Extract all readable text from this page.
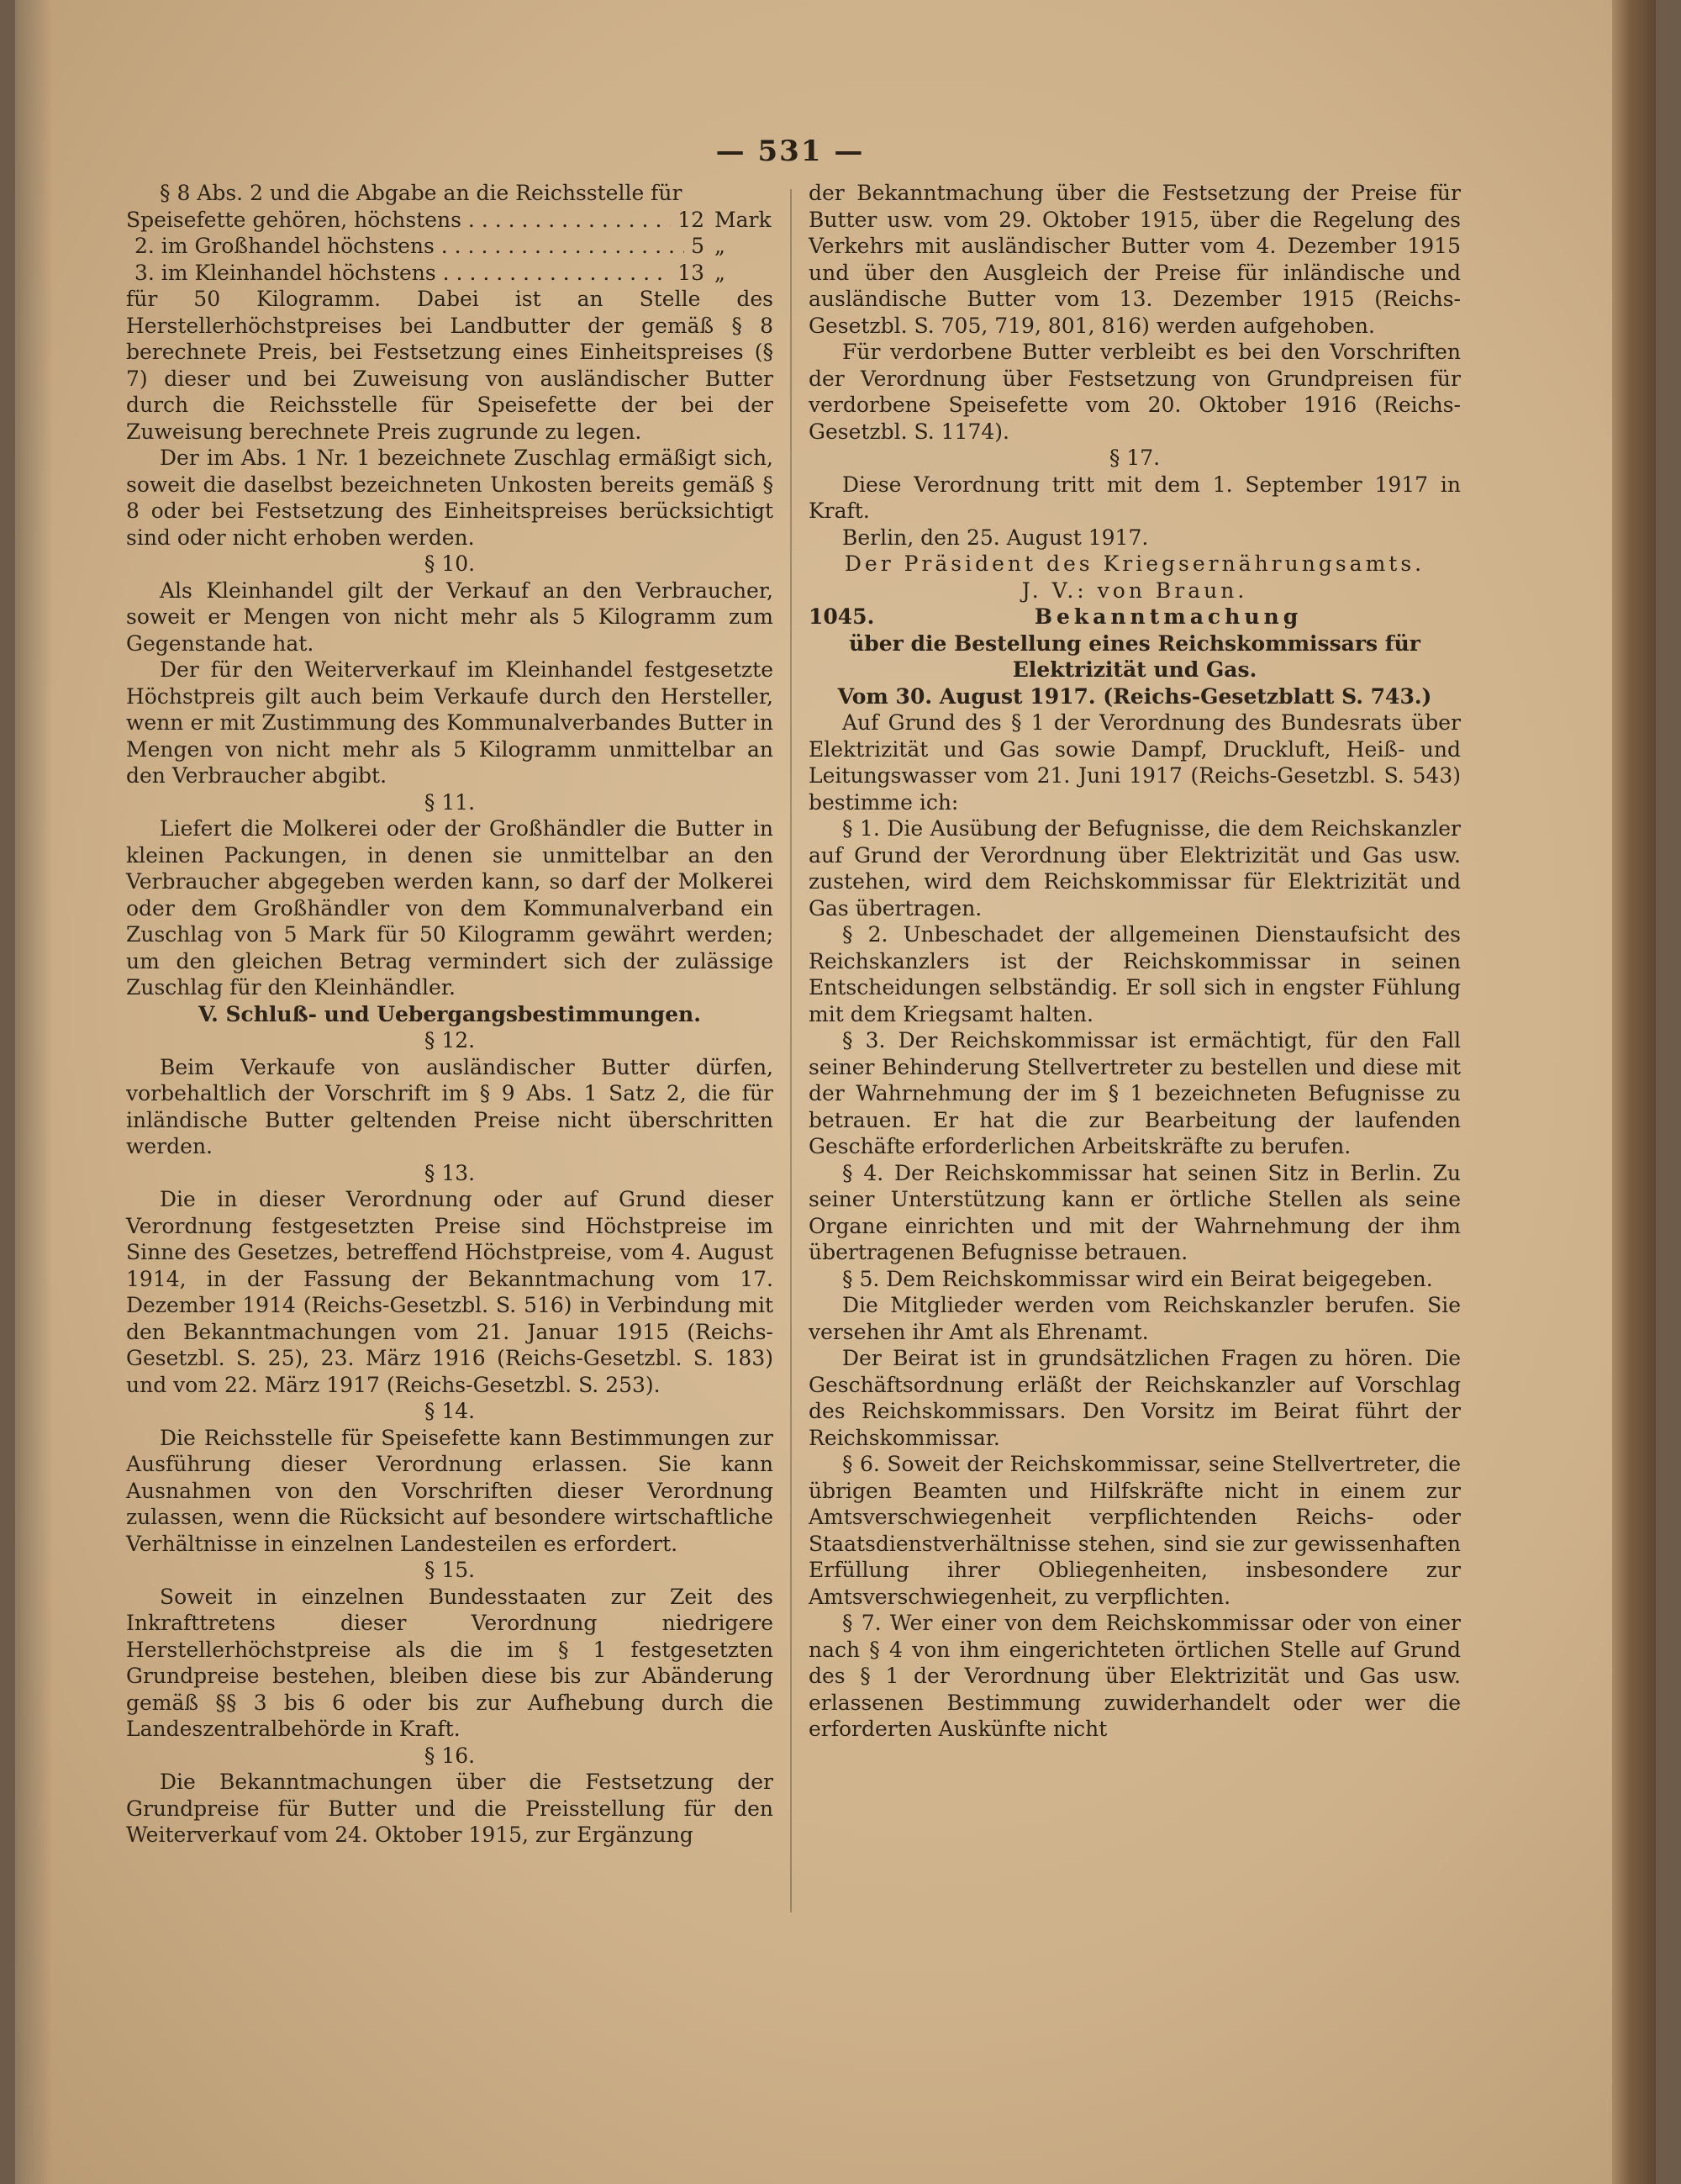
— 531 —

§ 8 Abs. 2 und die Abgabe an die Reichsstelle für

Speisefette gehören, höchstens . . .	12 Mark
2. im Großhandel höchstens . . .	5 „
3. im Kleinhandel höchstens . . .	13 „

für 50 Kilogramm. Dabei ist an Stelle des Herstellerhöchstpreises bei Landbutter der gemäß § 8 berechnete Preis, bei Festsetzung eines Einheitspreises (§ 7) dieser und bei Zuweisung von ausländischer Butter durch die Reichsstelle für Speisefette der bei der Zuweisung berechnete Preis zugrunde zu legen.

Der im Abs. 1 Nr. 1 bezeichnete Zuschlag ermäßigt sich, soweit die daselbst bezeichneten Unkosten bereits gemäß § 8 oder bei Festsetzung des Einheitspreises berücksichtigt sind oder nicht erhoben werden.

§ 10.

Als Kleinhandel gilt der Verkauf an den Verbraucher, soweit er Mengen von nicht mehr als 5 Kilogramm zum Gegenstande hat.

Der für den Weiterverkauf im Kleinhandel festgesetzte Höchstpreis gilt auch beim Verkaufe durch den Hersteller, wenn er mit Zustimmung des Kommunalverbandes Butter in Mengen von nicht mehr als 5 Kilogramm unmittelbar an den Verbraucher abgibt.

§ 11.

Liefert die Molkerei oder der Großhändler die Butter in kleinen Packungen, in denen sie unmittelbar an den Verbraucher abgegeben werden kann, so darf der Molkerei oder dem Großhändler von dem Kommunalverband ein Zuschlag von 5 Mark für 50 Kilogramm gewährt werden; um den gleichen Betrag vermindert sich der zulässige Zuschlag für den Kleinhändler.

V. Schluß- und Uebergangsbestimmungen.

§ 12.

Beim Verkaufe von ausländischer Butter dürfen, vorbehaltlich der Vorschrift im § 9 Abs. 1 Satz 2, die für inländische Butter geltenden Preise nicht überschritten werden.

§ 13.

Die in dieser Verordnung oder auf Grund dieser Verordnung festgesetzten Preise sind Höchstpreise im Sinne des Gesetzes, betreffend Höchstpreise, vom 4. August 1914, in der Fassung der Bekanntmachung vom 17. Dezember 1914 (Reichs-Gesetzbl. S. 516) in Verbindung mit den Bekanntmachungen vom 21. Januar 1915 (Reichs-Gesetzbl. S. 25), 23. März 1916 (Reichs-Gesetzbl. S. 183) und vom 22. März 1917 (Reichs-Gesetzbl. S. 253).

§ 14.

Die Reichsstelle für Speisefette kann Bestimmungen zur Ausführung dieser Verordnung erlassen. Sie kann Ausnahmen von den Vorschriften dieser Verordnung zulassen, wenn die Rücksicht auf besondere wirtschaftliche Verhältnisse in einzelnen Landesteilen es erfordert.

§ 15.

Soweit in einzelnen Bundesstaaten zur Zeit des Inkrafttretens dieser Verordnung niedrigere Herstellerhöchstpreise als die im § 1 festgesetzten Grundpreise bestehen, bleiben diese bis zur Abänderung gemäß §§ 3 bis 6 oder bis zur Aufhebung durch die Landeszentralbehörde in Kraft.

§ 16.

Die Bekanntmachungen über die Festsetzung der Grundpreise für Butter und die Preisstellung für den Weiterverkauf vom 24. Oktober 1915, zur Ergänzung

der Bekanntmachung über die Festsetzung der Preise für Butter usw. vom 29. Oktober 1915, über die Regelung des Verkehrs mit ausländischer Butter vom 4. Dezember 1915 und über den Ausgleich der Preise für inländische und ausländische Butter vom 13. Dezember 1915 (Reichs-Gesetzbl. S. 705, 719, 801, 816) werden aufgehoben.

Für verdorbene Butter verbleibt es bei den Vorschriften der Verordnung über Festsetzung von Grundpreisen für verdorbene Speisefette vom 20. Oktober 1916 (Reichs-Gesetzbl. S. 1174).

§ 17.

Diese Verordnung tritt mit dem 1. September 1917 in Kraft.

Berlin, den 25. August 1917.

Der Präsident des Kriegsernährungsamts.

J. V.: von Braun.

1045.	Bekanntmachung

über die Bestellung eines Reichskommissars für Elektrizität und Gas.

Vom 30. August 1917. (Reichs-Gesetzblatt S. 743.)

Auf Grund des § 1 der Verordnung des Bundesrats über Elektrizität und Gas sowie Dampf, Druckluft, Heiß- und Leitungswasser vom 21. Juni 1917 (Reichs-Gesetzbl. S. 543) bestimme ich:

§ 1. Die Ausübung der Befugnisse, die dem Reichskanzler auf Grund der Verordnung über Elektrizität und Gas usw. zustehen, wird dem Reichskommissar für Elektrizität und Gas übertragen.

§ 2. Unbeschadet der allgemeinen Dienstaufsicht des Reichskanzlers ist der Reichskommissar in seinen Entscheidungen selbständig. Er soll sich in engster Fühlung mit dem Kriegsamt halten.

§ 3. Der Reichskommissar ist ermächtigt, für den Fall seiner Behinderung Stellvertreter zu bestellen und diese mit der Wahrnehmung der im § 1 bezeichneten Befugnisse zu betrauen. Er hat die zur Bearbeitung der laufenden Geschäfte erforderlichen Arbeitskräfte zu berufen.

§ 4. Der Reichskommissar hat seinen Sitz in Berlin. Zu seiner Unterstützung kann er örtliche Stellen als seine Organe einrichten und mit der Wahrnehmung der ihm übertragenen Befugnisse betrauen.

§ 5. Dem Reichskommissar wird ein Beirat beigegeben.

Die Mitglieder werden vom Reichskanzler berufen. Sie versehen ihr Amt als Ehrenamt.

Der Beirat ist in grundsätzlichen Fragen zu hören. Die Geschäftsordnung erläßt der Reichskanzler auf Vorschlag des Reichskommissars. Den Vorsitz im Beirat führt der Reichskommissar.

§ 6. Soweit der Reichskommissar, seine Stellvertreter, die übrigen Beamten und Hilfskräfte nicht in einem zur Amtsverschwiegenheit verpflichtenden Reichs- oder Staatsdienstverhältnisse stehen, sind sie zur gewissenhaften Erfüllung ihrer Obliegenheiten, insbesondere zur Amtsverschwiegenheit, zu verpflichten.

§ 7. Wer einer von dem Reichskommissar oder von einer nach § 4 von ihm eingerichteten örtlichen Stelle auf Grund des § 1 der Verordnung über Elektrizität und Gas usw. erlassenen Bestimmung zuwiderhandelt oder wer die erforderten Auskünfte nicht
